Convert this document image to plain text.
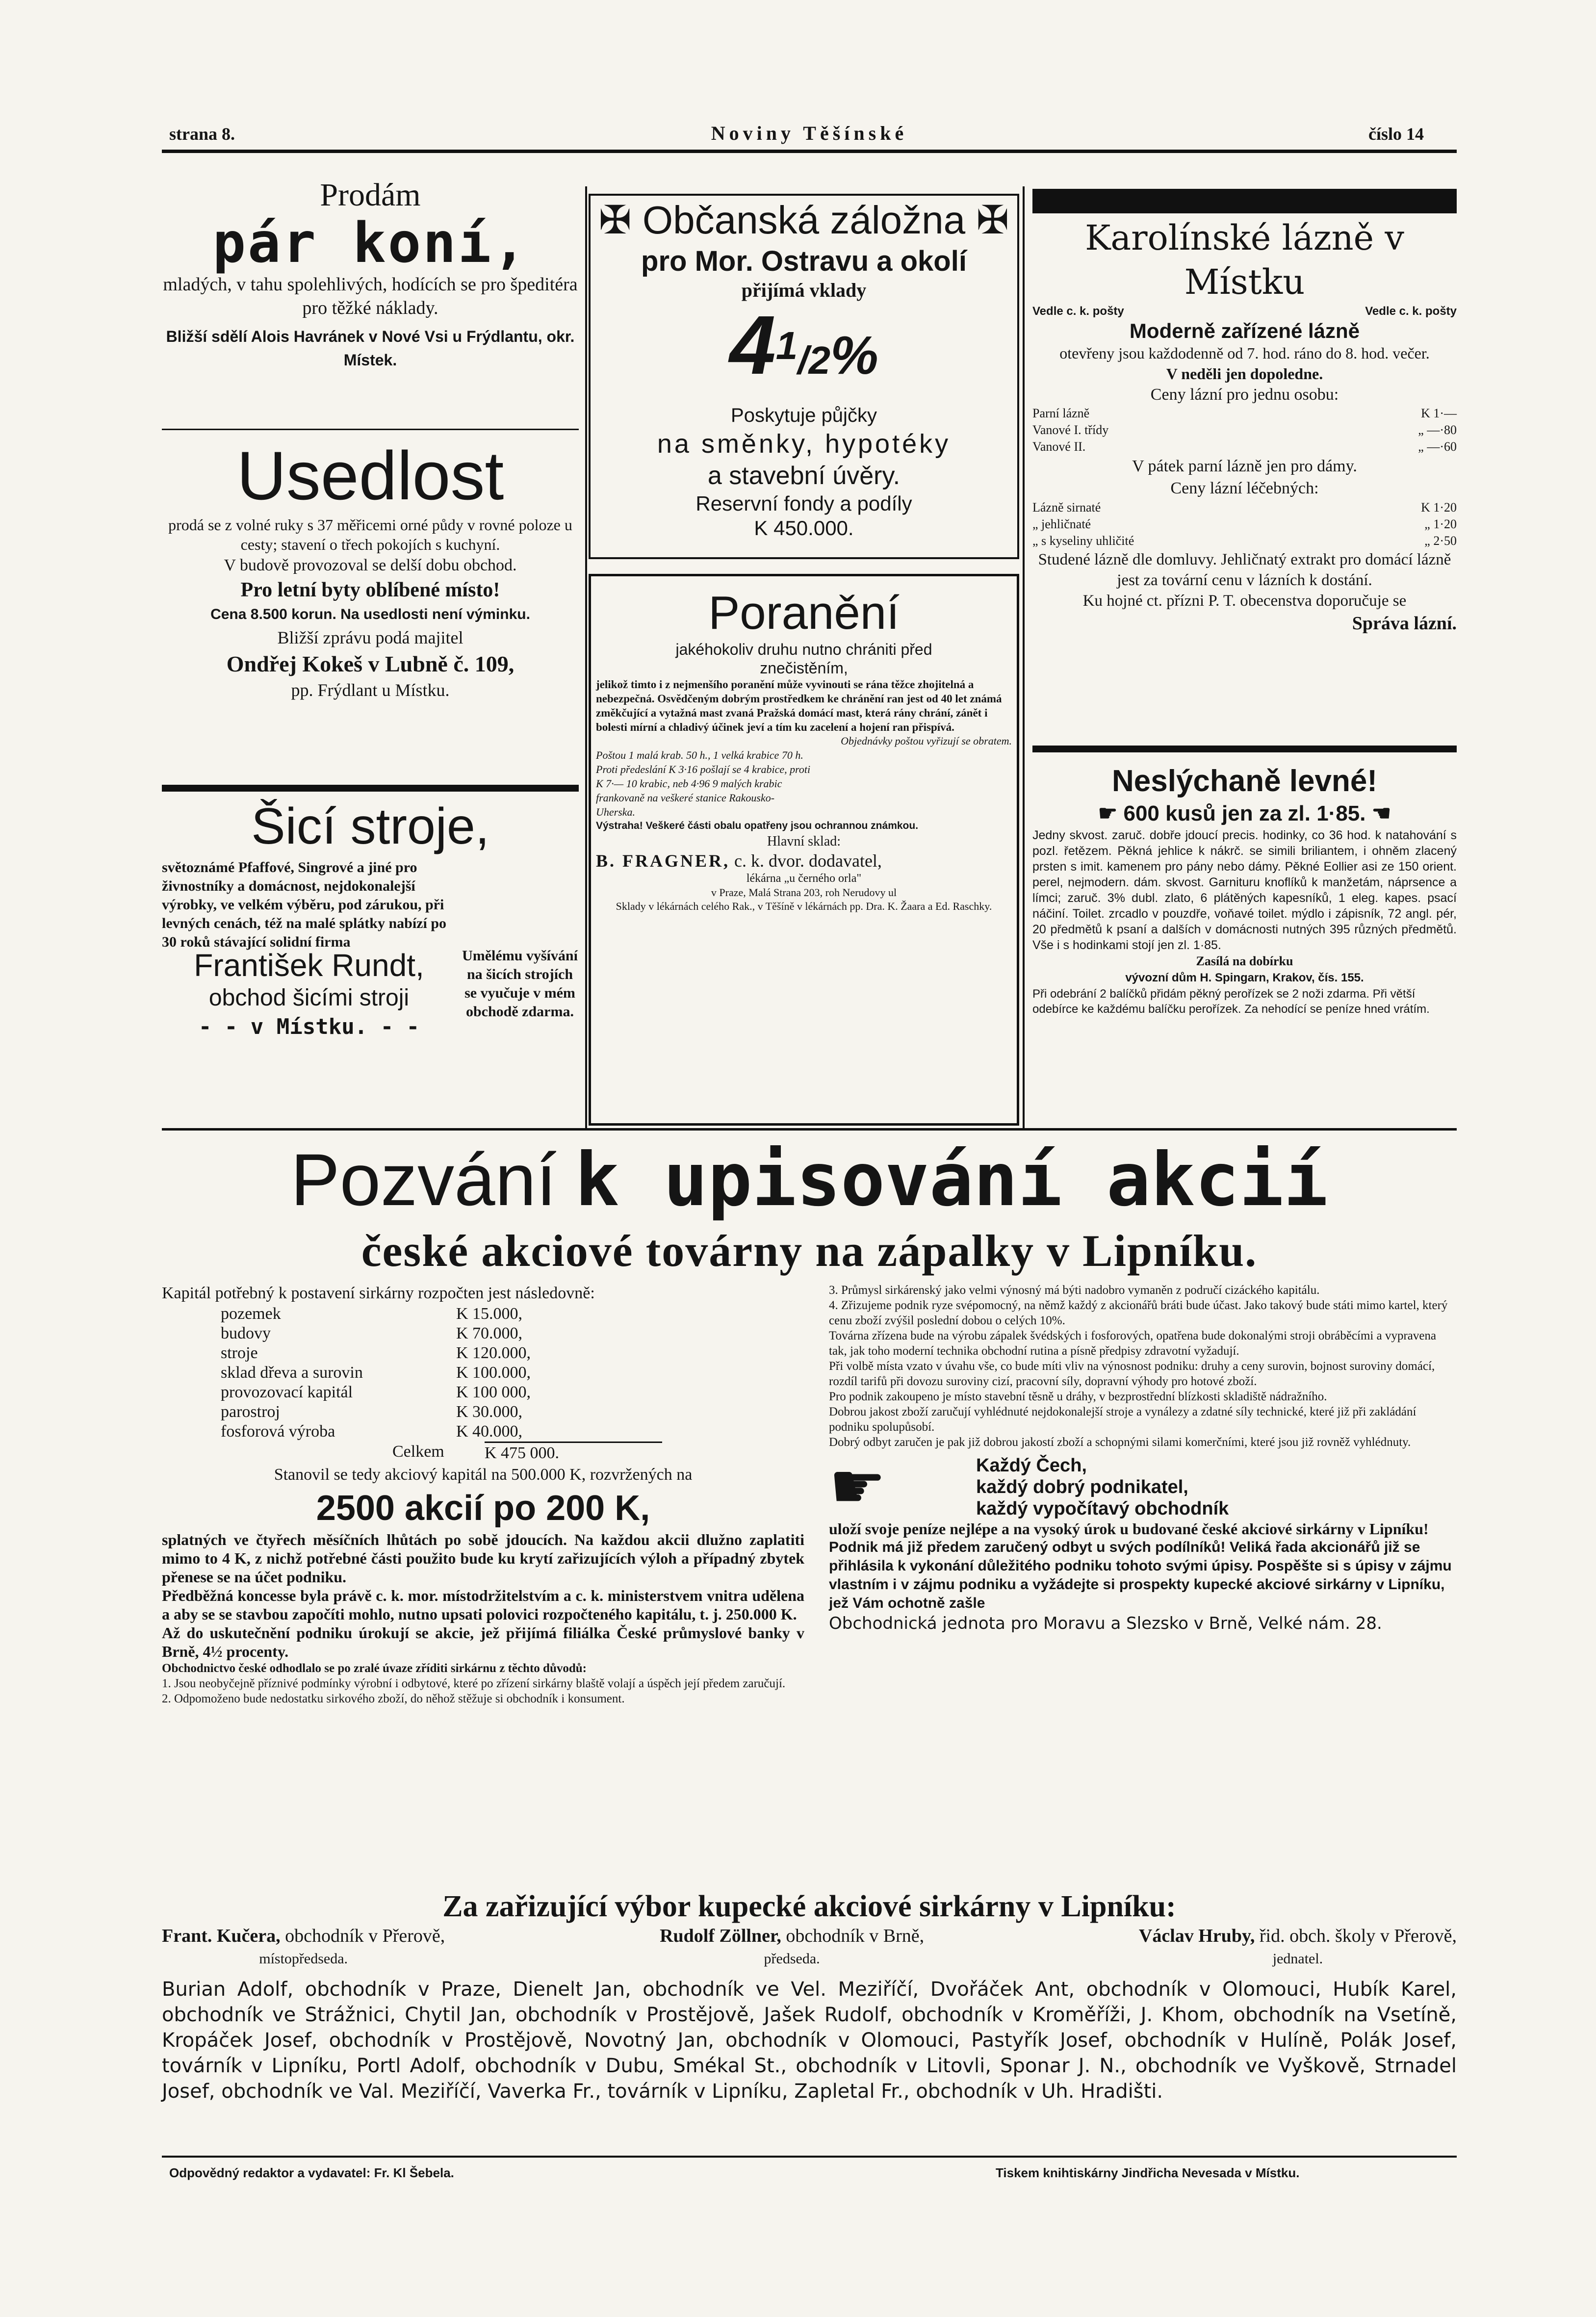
strana 8.	Noviny Těšínské	číslo 14
Prodám
pár koní,
mladých, v tahu spolehlivých, hodících se pro špeditéra pro těžké náklady.
Bližší sdělí Alois Havránek v Nové Vsi u Frýdlantu, okr. Místek.
Usedlost
prodá se z volné ruky s 37 měřicemi orné půdy v rovné poloze u cesty; stavení o třech pokojích s kuchyní.
V budově provozoval se delší dobu obchod.
Pro letní byty oblíbené místo!
Cena 8.500 korun. Na usedlosti není výminku.
Bližší zprávu podá majitel
Ondřej Kokeš v Lubně č. 109,
pp. Frýdlant u Místku.
Šicí stroje,
světoznámé Pfaffové, Singrové a jiné pro živnostníky a domácnost, nejdokonalejší výrobky, ve velkém výběru, pod zárukou, při levných cenách, též na malé splátky nabízí po 30 roků stávající solidní firma
Umělému vyšívání na šicích strojích se vyučuje v mém obchodě zdarma.
František Rundt,
obchod šicími stroji
- - v Místku. - -
✠ Občanská záložna ✠
pro Mor. Ostravu a okolí
přijímá vklady
$4^1/2\%$
Poskytuje půjčky
na směnky, hypotéky
a stavební úvěry.
Reservní fondy a podíly
K 450.000.
Poranění
jakéhokoliv druhu nutno chrániti před
znečistěním,
jelikož timto i z nejmenšího poranění může vyvinouti se rána těžce zhojitelná a nebezpečná. Osvědčeným dobrým prostředkem ke chránění ran jest od 40 let známá změkčující a vytažná mast zvaná Pražská domácí mast, která rány chrání, zánět i bolesti mírní a chladivý účinek jeví a tím ku zacelení a hojení ran přispívá.
Objednávky poštou vyřizují se obratem.
Poštou 1 malá krab. 50 h., 1 velká krabice 70 h. Proti předeslání K 3·16 pošlají se 4 krabice, proti K 7·— 10 krabic, neb 4·96 9 malých krabic frankovaně na veškeré stanice Rakousko-Uherska.
Výstraha! Veškeré části obalu opatřeny jsou ochrannou známkou.
Hlavní sklad:
B. FRAGNER, c. k. dvor. dodavatel,
lékárna „u černého orla"
v Praze, Malá Strana 203, roh Nerudovy ul
Sklady v lékárnách celého Rak., v Těšíně v lékárnách pp. Dra. K. Žaara a Ed. Raschky.
Karolínské lázně v Místku
Vedle c. k. pošty	Vedle c. k. pošty
Moderně zařízené lázně
otevřeny jsou každodenně od 7. hod. ráno do 8. hod. večer.
V neděli jen dopoledne.
Ceny lázní pro jednu osobu:
Parní lázně	K 1·—
Vanové I. třídy	„ —·80
Vanové II.	„ —·60
V pátek parní lázně jen pro dámy.
Ceny lázní léčebných:
Lázně sirnaté	K 1·20
„ jehličnaté	„ 1·20
„ s kyseliny uhličité	„ 2·50
Studené lázně dle domluvy. Jehličnatý extrakt pro domácí lázně jest za tovární cenu v lázních k dostání.
Ku hojné ct. přízni P. T. obecenstva doporučuje se
Správa lázní.
Neslýchaně levné!
☛ 600 kusů jen za zl. 1·85. ☚
Jedny skvost. zaruč. dobře jdoucí precis. hodinky, co 36 hod. k natahování s pozl. řetězem. Pěkná jehlice k nákrč. se simili briliantem, i ohněm zlacený prsten s imit. kamenem pro pány nebo dámy. Pěkné Eollier asi ze 150 orient. perel, nejmodern. dám. skvost. Garnituru knoflíků k manžetám, náprsence a límci; zaruč. 3% dubl. zlato, 6 plátěných kapesníků, 1 eleg. kapes. psací náčiní. Toilet. zrcadlo v pouzdře, voňavé toilet. mýdlo i zápisník, 72 angl. pér, 20 předmětů k psaní a dalších v domácnosti nutných 395 různých předmětů. Vše i s hodinkami stojí jen zl. 1·85.
Zasílá na dobírku
vývozní dům H. Spingarn, Krakov, čís. 155.
Při odebrání 2 balíčků přidám pěkný perořízek se 2 noži zdarma. Při větší odebírce ke každému balíčku perořízek. Za nehodící se peníze hned vrátím.
Pozvání k upisování akcií
české akciové továrny na zápalky v Lipníku.
Kapitál potřebný k postavení sirkárny rozpočten jest následovně:
pozemek	K 15.000,
budovy	K 70.000,
stroje	K 120.000,
sklad dřeva a surovin	K 100.000,
provozovací kapitál	K 100 000,
parostroj	K 30.000,
fosforová výroba	K 40.000,
Celkem K 475 000.
Stanovil se tedy akciový kapitál na 500.000 K, rozvržených na
2500 akcií po 200 K,
splatných ve čtyřech měsíčních lhůtách po sobě jdoucích. Na každou akcii dlužno zaplatiti mimo to 4 K, z nichž potřebné části použito bude ku krytí zařizujících výloh a případný zbytek přenese se na účet podniku.
Předběžná koncesse byla právě c. k. mor. místodržitelstvím a c. k. ministerstvem vnitra udělena a aby se se stavbou započíti mohlo, nutno upsati polovici rozpočteného kapitálu, t. j. 250.000 K.
Až do uskutečnění podniku úrokují se akcie, jež přijímá filiálka České průmyslové banky v Brně, 4½ procenty.
Obchodnictvo české odhodlalo se po zralé úvaze zříditi sirkárnu z těchto důvodů:
1. Jsou neobyčejně příznivé podmínky výrobní i odbytové, které po zřízení sirkárny blaště volají a úspěch její předem zaručují.
2. Odpomoženo bude nedostatku sirkového zboží, do něhož stěžuje si obchodník i konsument.
3. Průmysl sirkárenský jako velmi výnosný má býti nadobro vymaněn z područí cizáckého kapitálu.
4. Zřizujeme podnik ryze svépomocný, na němž každý z akcionářů bráti bude účast. Jako takový bude státi mimo kartel, který cenu zboží zvýšil poslední dobou o celých 10%.
Továrna zřízena bude na výrobu zápalek švédských i fosforových, opatřena bude dokonalými stroji obráběcími a vypravena tak, jak toho moderní technika obchodní rutina a písně předpisy zdravotní vyžadují.
Při volbě místa vzato v úvahu vše, co bude míti vliv na výnosnost podniku: druhy a ceny surovin, bojnost suroviny domácí, rozdíl tarifů při dovozu suroviny cizí, pracovní síly, dopravní výhody pro hotové zboží.
Pro podnik zakoupeno je místo stavební těsně u dráhy, v bezprostřední blízkosti skladiště nádražního.
Dobrou jakost zboží zaručují vyhlédnuté nejdokonalejší stroje a vynálezy a zdatné síly technické, které již při zakládání podniku spolupůsobí.
Dobrý odbyt zaručen je pak již dobrou jakostí zboží a schopnými silami komerčními, které jsou již rovněž vyhlédnuty.
☛	Každý Čech,
každý dobrý podnikatel,
každý vypočítavý obchodník
uloží svoje peníze nejlépe a na vysoký úrok u budované české akciové sirkárny v Lipníku!
Podnik má již předem zaručený odbyt u svých podílníků! Veliká řada akcionářů již se přihlásila k vykonání důležitého podniku tohoto svými úpisy. Pospěšte si s úpisy v zájmu vlastním i v zájmu podniku a vyžádejte si prospekty kupecké akciové sirkárny v Lipníku, jež Vám ochotně zašle
Obchodnická jednota pro Moravu a Slezsko v Brně, Velké nám. 28.
Za zařizující výbor kupecké akciové sirkárny v Lipníku:
Frant. Kučera, obchodník v Přerově,
místopředseda.
Rudolf Zöllner, obchodník v Brně,
předseda.
Václav Hruby, řid. obch. školy v Přerově,
jednatel.
Burian Adolf, obchodník v Praze, Dienelt Jan, obchodník ve Vel. Meziříčí, Dvořáček Ant, obchodník v Olomouci, Hubík Karel, obchodník ve Strážnici, Chytil Jan, obchodník v Prostějově, Jašek Rudolf, obchodník v Kroměříži, J. Khom, obchodník na Vsetíně, Kropáček Josef, obchodník v Prostějově, Novotný Jan, obchodník v Olomouci, Pastyřík Josef, obchodník v Hulíně, Polák Josef, továrník v Lipníku, Portl Adolf, obchodník v Dubu, Smékal St., obchodník v Litovli, Sponar J. N., obchodník ve Vyškově, Strnadel Josef, obchodník ve Val. Meziříčí, Vaverka Fr., továrník v Lipníku, Zapletal Fr., obchodník v Uh. Hradišti.
Odpovědný redaktor a vydavatel: Fr. Kl Šebela.	Tiskem knihtiskárny Jindřicha Nevesada v Místku.
